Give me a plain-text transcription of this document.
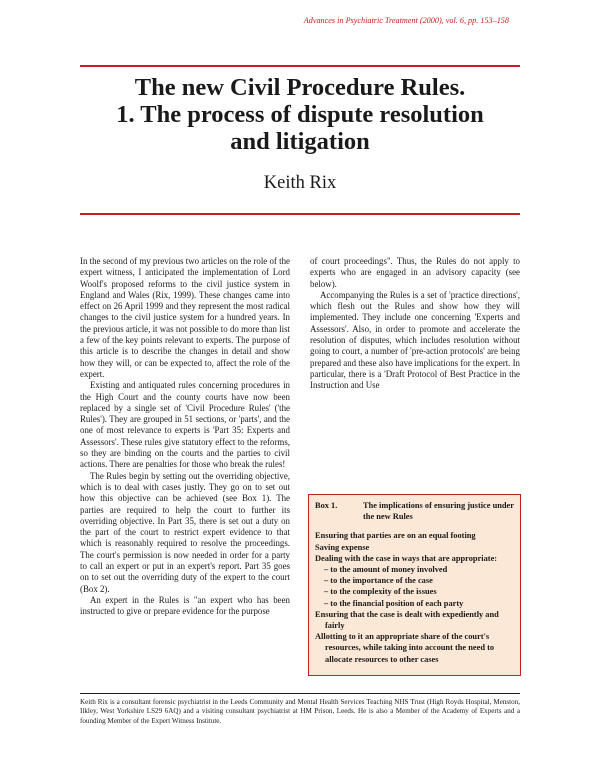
Advances in Psychiatric Treatment (2000), vol. 6, pp. 153–158
The new Civil Procedure Rules.
1. The process of dispute resolution
and litigation
Keith Rix

In the second of my previous two articles on the role of the expert witness, I anticipated the implementation of Lord Woolf's proposed reforms to the civil justice system in England and Wales (Rix, 1999). These changes came into effect on 26 April 1999 and they represent the most radical changes to the civil justice system for a hundred years. In the previous article, it was not possible to do more than list a few of the key points relevant to experts. The purpose of this article is to describe the changes in detail and show how they will, or can be expected to, affect the role of the expert.

Existing and antiquated rules concerning procedures in the High Court and the county courts have now been replaced by a single set of 'Civil Procedure Rules' ('the Rules'). They are grouped in 51 sections, or 'parts', and the one of most relevance to experts is 'Part 35: Experts and Assessors'. These rules give statutory effect to the reforms, so they are binding on the courts and the parties to civil actions. There are penalties for those who break the rules!

The Rules begin by setting out the overriding objective, which is to deal with cases justly. They go on to set out how this objective can be achieved (see Box 1). The parties are required to help the court to further its overriding objective. In Part 35, there is set out a duty on the part of the court to restrict expert evidence to that which is reasonably required to resolve the proceedings. The court's permission is now needed in order for a party to call an expert or put in an expert's report. Part 35 goes on to set out the overriding duty of the expert to the court (Box 2).

An expert in the Rules is "an expert who has been instructed to give or prepare evidence for the purpose

of court proceedings". Thus, the Rules do not apply to experts who are engaged in an advisory capacity (see below).

Accompanying the Rules is a set of 'practice directions', which flesh out the Rules and show how they will implemented. They include one concerning 'Experts and Assessors'. Also, in order to promote and accelerate the resolution of disputes, which includes resolution without going to court, a number of 'pre-action protocols' are being prepared and these also have implications for the expert. In particular, there is a 'Draft Protocol of Best Practice in the Instruction and Use

Box 1.	The implications of ensuring justice under the new Rules
Ensuring that parties are on an equal footing
Saving expense
Dealing with the case in ways that are appropriate:
– to the amount of money involved
– to the importance of the case
– to the complexity of the issues
– to the financial position of each party
Ensuring that the case is dealt with expediently and fairly
Allotting to it an appropriate share of the court's resources, while taking into account the need to allocate resources to other cases
Keith Rix is a consultant forensic psychiatrist in the Leeds Community and Mental Health Services Teaching NHS Trust (High Royds Hospital, Menston, Ilkley, West Yorkshire LS29 6AQ) and a visiting consultant psychiatrist at HM Prison, Leeds. He is also a Member of the Academy of Experts and a founding Member of the Expert Witness Institute.
